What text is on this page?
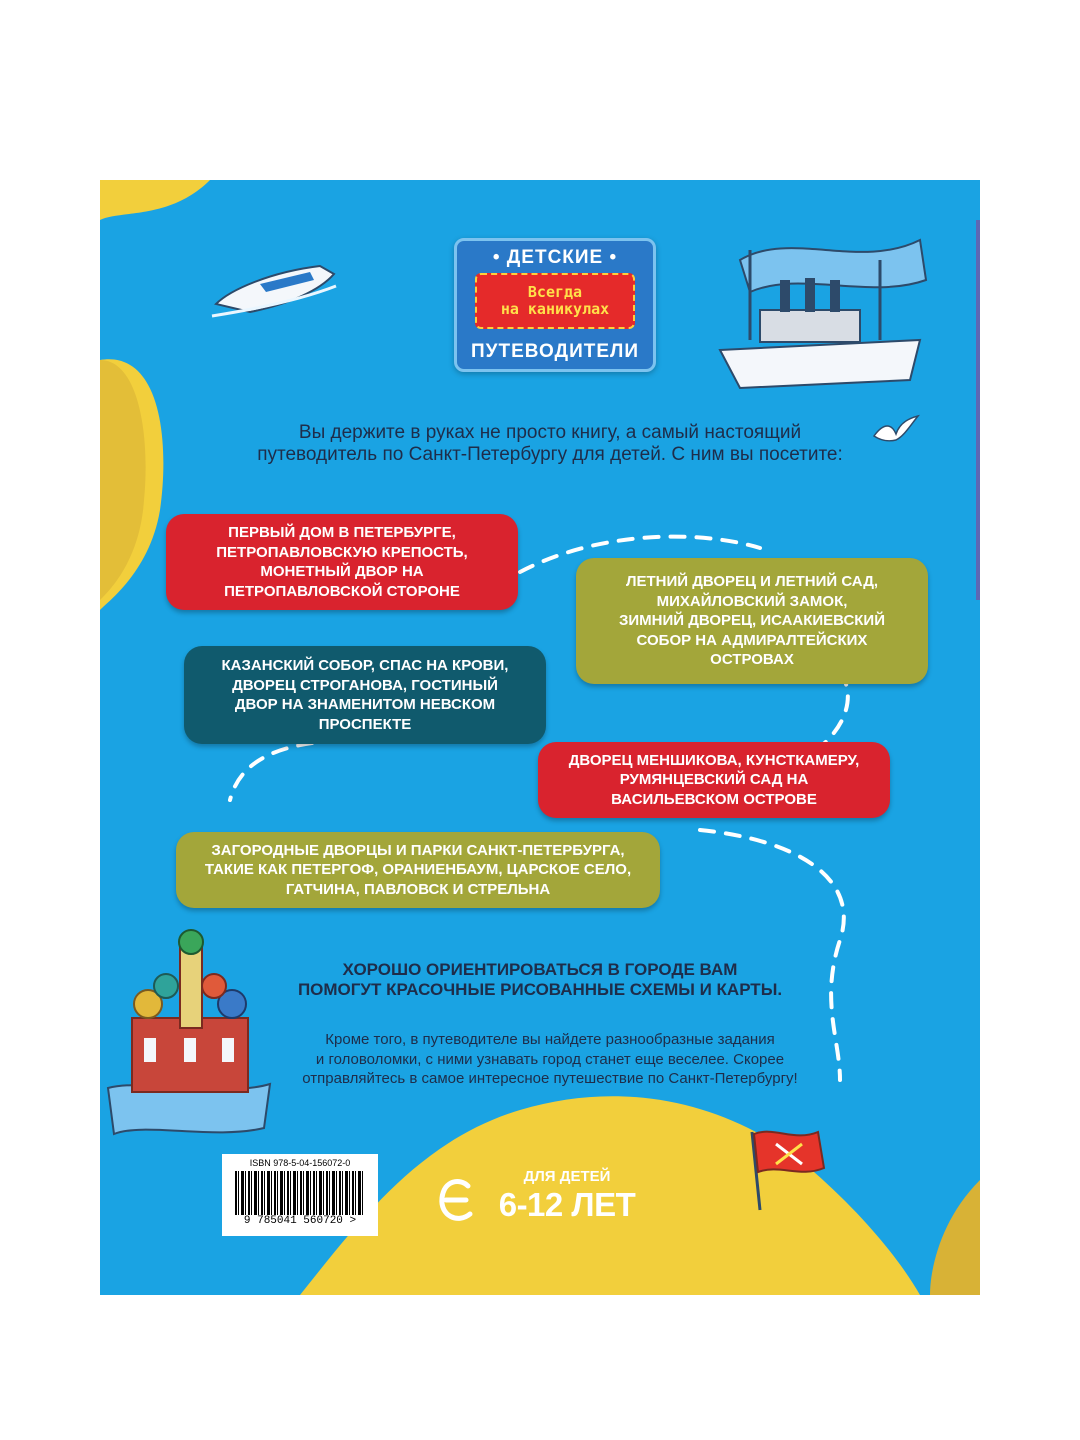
• ДЕТСКИЕ •
Всегда
на каникулах
ПУТЕВОДИТЕЛИ
Вы держите в руках не просто книгу, а самый настоящий
путеводитель по Санкт-Петербургу для детей. С ним вы посетите:
ПЕРВЫЙ ДОМ В ПЕТЕРБУРГЕ,
ПЕТРОПАВЛОВСКУЮ КРЕПОСТЬ,
МОНЕТНЫЙ ДВОР НА
ПЕТРОПАВЛОВСКОЙ СТОРОНЕ
ЛЕТНИЙ ДВОРЕЦ И ЛЕТНИЙ САД,
МИХАЙЛОВСКИЙ ЗАМОК,
ЗИМНИЙ ДВОРЕЦ, ИСААКИЕВСКИЙ
СОБОР НА АДМИРАЛТЕЙСКИХ
ОСТРОВАХ
КАЗАНСКИЙ СОБОР, СПАС НА КРОВИ,
ДВОРЕЦ СТРОГАНОВА, ГОСТИНЫЙ
ДВОР НА ЗНАМЕНИТОМ НЕВСКОМ
ПРОСПЕКТЕ
ДВОРЕЦ МЕНШИКОВА, КУНСТКАМЕРУ,
РУМЯНЦЕВСКИЙ САД НА
ВАСИЛЬЕВСКОМ ОСТРОВЕ
ЗАГОРОДНЫЕ ДВОРЦЫ И ПАРКИ САНКТ-ПЕТЕРБУРГА,
ТАКИЕ КАК ПЕТЕРГОФ, ОРАНИЕНБАУМ, ЦАРСКОЕ СЕЛО,
ГАТЧИНА, ПАВЛОВСК И СТРЕЛЬНА
ХОРОШО ОРИЕНТИРОВАТЬСЯ В ГОРОДЕ ВАМ
ПОМОГУТ КРАСОЧНЫЕ РИСОВАННЫЕ СХЕМЫ И КАРТЫ.
Кроме того, в путеводителе вы найдете разнообразные задания
и головоломки, с ними узнавать город станет еще веселее. Скорее
отправляйтесь в самое интересное путешествие по Санкт-Петербургу!
ISBN 978-5-04-156072-0
9 785041 560720 >
ДЛЯ ДЕТЕЙ
6-12 ЛЕТ
